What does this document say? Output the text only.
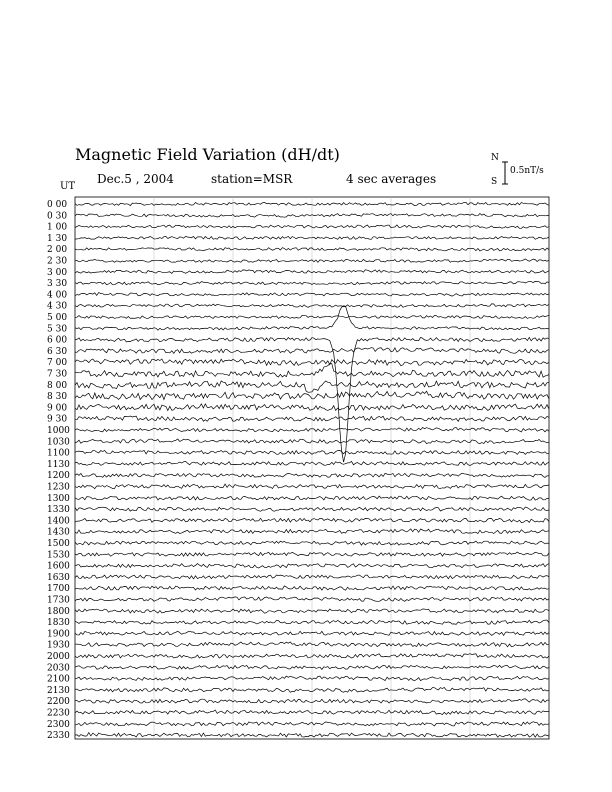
Magnetic Field Variation (dH/dt)
Dec.5 , 2004	station=MSR	4 sec averages
UT
N
S
0.5nT/s
0 00
0 30
1 00
1 30
2 00
2 30
3 00
3 30
4 00
4 30
5 00
5 30
6 00
6 30
7 00
7 30
8 00
8 30
9 00
9 30
1000
1030
1100
1130
1200
1230
1300
1330
1400
1430
1500
1530
1600
1630
1700
1730
1800
1830
1900
1930
2000
2030
2100
2130
2200
2230
2300
2330
